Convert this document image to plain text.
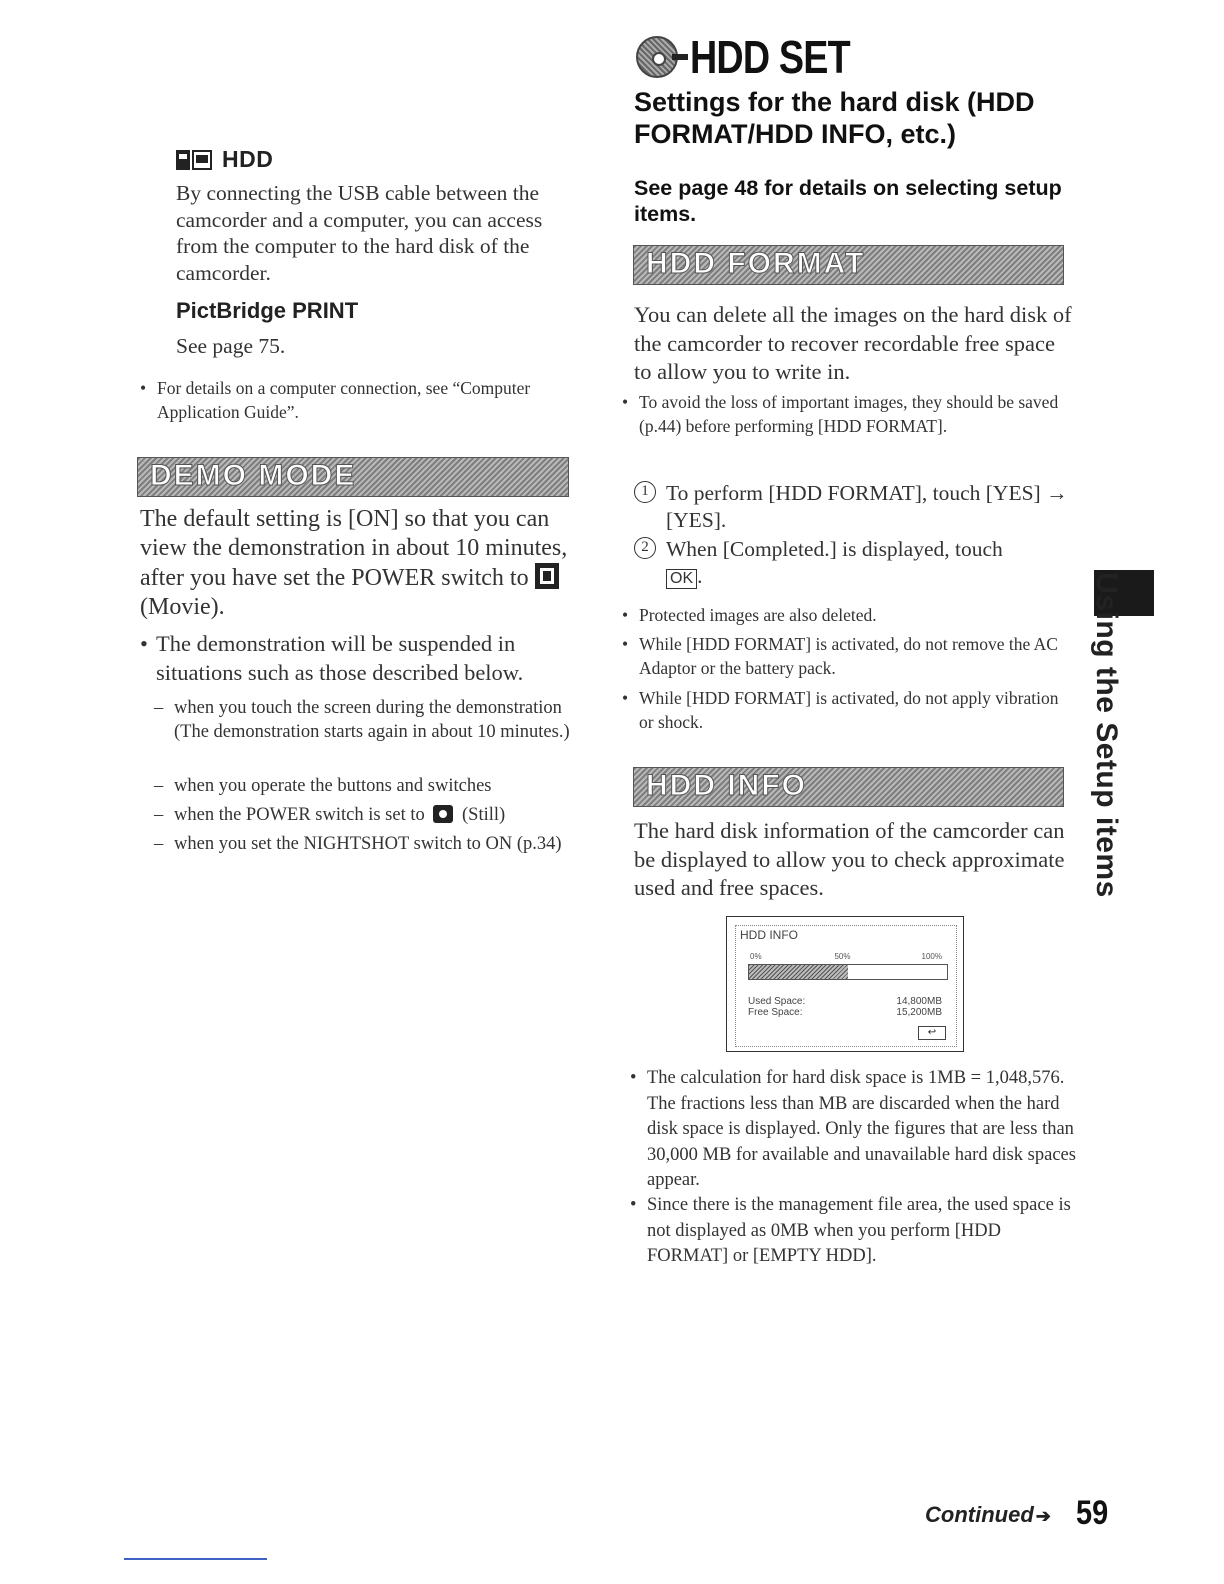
HDD

By connecting the USB cable between the camcorder and a computer, you can access from the computer to the hard disk of the camcorder.

PictBridge PRINT

See page 75.

• For details on a computer connection, see “Computer Application Guide”.

DEMO MODE

The default setting is [ON] so that you can view the demonstration in about 10 minutes, after you have set the POWER switch to
(Movie).

• The demonstration will be suspended in situations such as those described below.

– when you touch the screen during the demonstration (The demonstration starts again in about 10 minutes.)

– when you operate the buttons and switches

– when the POWER switch is set to (Still)

– when you set the NIGHTSHOT switch to ON (p.34)

HDD SET
Settings for the hard disk (HDD FORMAT/HDD INFO, etc.)
See page 48 for details on selecting setup items.
HDD FORMAT

You can delete all the images on the hard disk of the camcorder to recover recordable free space to allow you to write in.

• To avoid the loss of important images, they should be saved (p.44) before performing [HDD FORMAT].

1 To perform [HDD FORMAT], touch [YES] → [YES].

2 When [Completed.] is displayed, touch
OK .

• Protected images are also deleted.

• While [HDD FORMAT] is activated, do not remove the AC Adaptor or the battery pack.

• While [HDD FORMAT] is activated, do not apply vibration or shock.

HDD INFO

The hard disk information of the camcorder can be displayed to allow you to check approximate used and free spaces.

HDD INFO
0%	50%	100%
Used Space:	14,800MB
Free Space:	15,200MB
↩

• The calculation for hard disk space is 1MB = 1,048,576. The fractions less than MB are discarded when the hard disk space is displayed. Only the figures that are less than 30,000 MB for available and unavailable hard disk spaces appear.

• Since there is the management file area, the used space is not displayed as 0MB when you perform [HDD FORMAT] or [EMPTY HDD].

Using the Setup items
Continued ➔ 59
